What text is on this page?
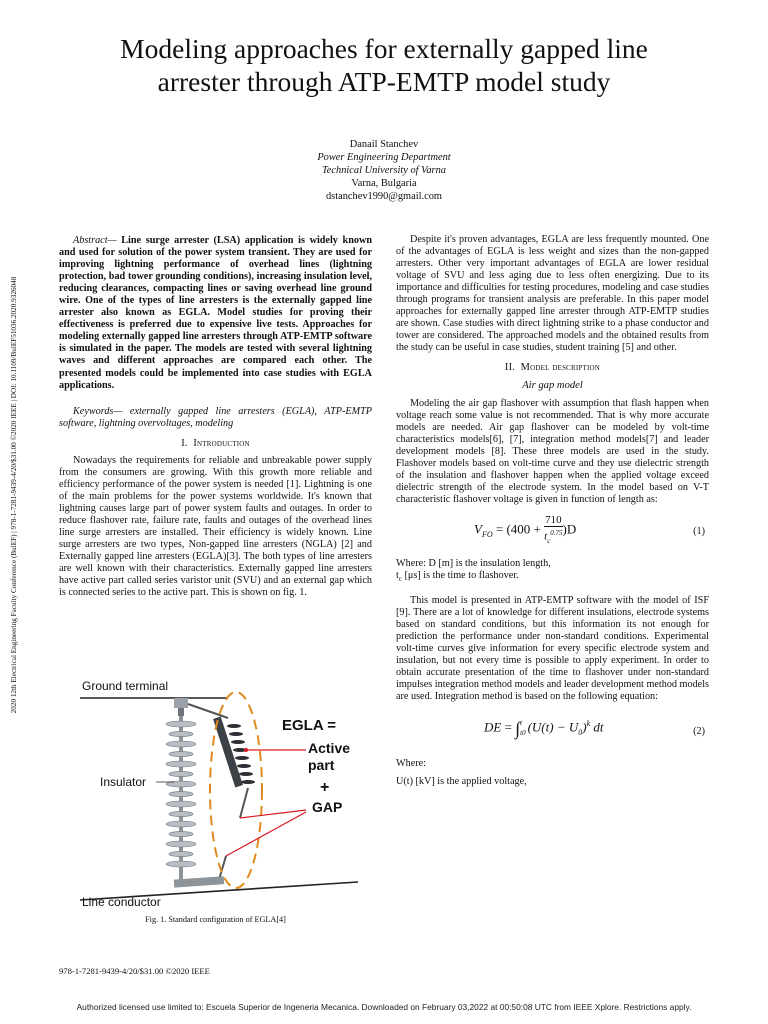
Modeling approaches for externally gapped line
arrester through ATP-EMTP model study
Danail Stanchev
Power Engineering Department
Technical University of Varna
Varna, Bulgaria
dstanchev1990@gmail.com
2020 12th Electrical Engineering Faculty Conference (BulEF) | 978-1-7281-9439-4/20/$31.00 ©2020 IEEE | DOI: 10.1109/BulEF51036.2020.9326048

Abstract— Line surge arrester (LSA) application is widely known and used for solution of the power system transient. They are used for improving lightning performance of overhead lines (lightning protection, bad tower grounding conditions), increasing insulation level, reducing clearances, compacting lines or saving overhead line ground wire. One of the types of line arresters is the externally gapped line arrester also known as EGLA. Model studies for proving their effectiveness is preferred due to expensive live tests. Approaches for modeling externally gapped line arresters through ATP-EMTP software is simulated in the paper. The models are tested with several lightning waves and different approaches are compared each other. The presented models could be implemented into case studies with EGLA applications.

Keywords— externally gapped line arresters (EGLA), ATP-EMTP software, lightning overvoltages, modeling

I. Introduction

Nowadays the requirements for reliable and unbreakable power supply from the consumers are growing. With this growth more reliable and efficiency performance of the power system is needed [1]. Lightning is one of the main problems for the power systems worldwide. It's known that lightning causes large part of power system faults and outages. In order to reduce flashover rate, failure rate, faults and outages of the overhead lines line surge arresters are installed. Their efficiency is widely known. Line surge arresters are two types, Non-gapped line arresters (NGLA) [2] and Externally gapped line arresters (EGLA)[3]. The both types of line arresters are well known with their characteristics. Externally gapped line arresters have active part called series varistor unit (SVU) and an external gap which is connected series to the active part. This is shown on fig. 1.

Ground terminal
Insulator
EGLA =
Active
part
+
GAP
Line conductor
Fig. 1. Standard configuration of EGLA[4]
978-1-7281-9439-4/20/$31.00 ©2020 IEEE

Despite it's proven advantages, EGLA are less frequently mounted. One of the advantages of EGLA is less weight and sizes than the non-gapped arresters. Other very important advantages of EGLA are lower residual voltage of SVU and less aging due to less often energizing. Due to its importance and difficulties for testing procedures, modeling and case studies through programs for transient analysis are preferable. In this paper model approaches for externally gapped line arrester through ATP-EMTP studies are shown. Case studies with direct lightning strike to a phase conductor and tower are considered. The approached models and the obtained results from the study can be useful in case studies, student training [5] and other.

II. Model description

Air gap model

Modeling the air gap flashover with assumption that flash happen when voltage reach some value is not recommended. That is why more accurate models are needed. Air gap flashover can be modeled by volt-time characteristics models[6], [7], integration method models[7] and leader development models [8]. These three models are used in the study. Flashover models based on volt-time curve and they use dielectric strength of the insulation and flashover happen when the applied voltage exceed dielectric strength of the electrode system. In the model based on V-T characteristic flashover voltage is given in function of length as:

$V_{FO} = (400 + \frac{710}{t_c^{0.75}} )D$	(1)

Where: D [m] is the insulation length,

$t_c$ [μs] is the time to flashover.

This model is presented in ATP-EMTP software with the model of ISF [9]. There are a lot of knowledge for different insulations, electrode systems based on standard conditions, but this information its not enough for prediction the performance under non-standard conditions. Experimental volt-time curves give information for every specific electrode system and insulation, but not every time is possible to apply experiment. In order to obtain accurate presentation of the time to flashover under non-standard impulses integration method models and leader development method models are used. Integration method is based on the following equation:

DE = ∫ t
t0 $(U(t) - U_0)^k$ dt	(2)

Where:

U(t) [kV] is the applied voltage,

Authorized licensed use limited to: Escuela Superior de Ingeneria Mecanica. Downloaded on February 03,2022 at 00:50:08 UTC from IEEE Xplore. Restrictions apply.
